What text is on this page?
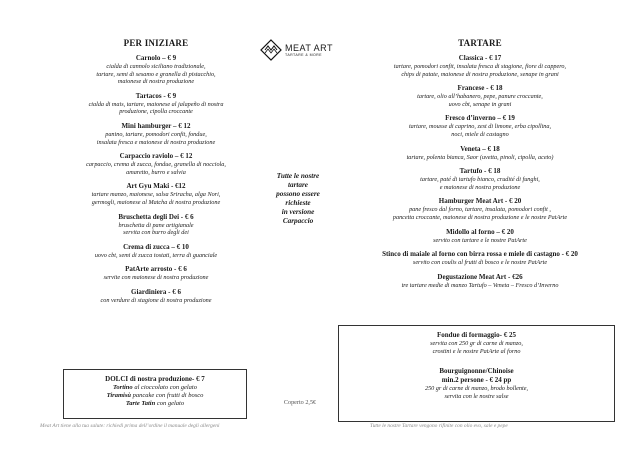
PER INIZIARE
Carnolo – € 9
cialda di cannolo siciliano tradizionale,
tartare, semi di sesamo e granella di pistacchio,
maionese di nostra produzione
Tartacos - € 9
cialda di mais, tartare, maionese al jalapeño di nostra
produzione, cipolla croccante
Mini hamburger – € 12
panino, tartare, pomodori confit, fondue,
insalata fresca e maionese di nostra produzione
Carpaccio raviolo – € 12
carpaccio, crema di zucca, fondue, granella di nocciola,
amaretto, burro e salvia
Art Gyu Maki - €12
tartare manzo, maionese, salsa Sriracha, alga Nori,
germogli, maionese al Matcha di nostra produzione
Bruschetta degli Dei - € 6
bruschetta di pane artigianale
servita con burro degli dei
Crema di zucca – € 10
uovo cbt, semi di zucca tostati, terra di guanciale
PatArte arrosto - € 6
servite con maionese di nostra produzione
Giardiniera - € 6
con verdure di stagione di nostra produzione
MEAT ART
TARTARE & MORE
Tutte le nostre
tartare
possono essere
richieste
in versione
Carpaccio
TARTARE
Classica - € 17
tartare, pomodori confit, insalata fresca di stagione, fiore di cappero,
chips di patate, maionese di nostra produzione, senape in grani
Francese - € 18
tartare, olio all’habanero, pepe, panure croccante,
uovo cbt, senape in grani
Fresco d’inverno – € 19
tartare, mousse di caprino, zest di limone, erba cipollina,
noci, miele di castagno
Veneta – € 18
tartare, polenta bianca, Saor (uvetta, pinoli, cipolla, aceto)
Tartufo - € 18
tartare, paté di tartufo bianco, crudité di funghi,
e maionese di nostra produzione
Hamburger Meat Art - € 20
pane fresco dal forno, tartare, insalata, pomodori confit ,
pancetta croccante, maionese di nostra produzione e le nostre PatArte
Midollo al forno – € 20
servito con tartare e le nostre PatArte
Stinco di maiale al forno con birra rossa e miele di castagno - € 20
servito con coulis al frutti di bosco e le nostre PatArte
Degustazione Meat Art - €26
tre tartare medie di manzo Tartufo – Veneta – Fresco d’Inverno
DOLCI di nostra produzione- € 7
Tortino al cioccolato con gelato
Tiramisù pancake con frutti di bosco
Tarte Tatin con gelato	Coperto 2,5€
Fondue di formaggio- € 25
servita con 250 gr di carne di manzo,
crostini e le nostre PatArte al forno
Bourguignonne/Chinoise
min.2 persone - € 24 pp
250 gr di carne di manzo, brodo bollente,
servita con le nostre salse
Meat Art tiene alla tua salute: richiedi prima dell’ordine il manuale degli allergeni	Tutte le nostre Tartare vengono rifinite con olio evo, sale e pepe
